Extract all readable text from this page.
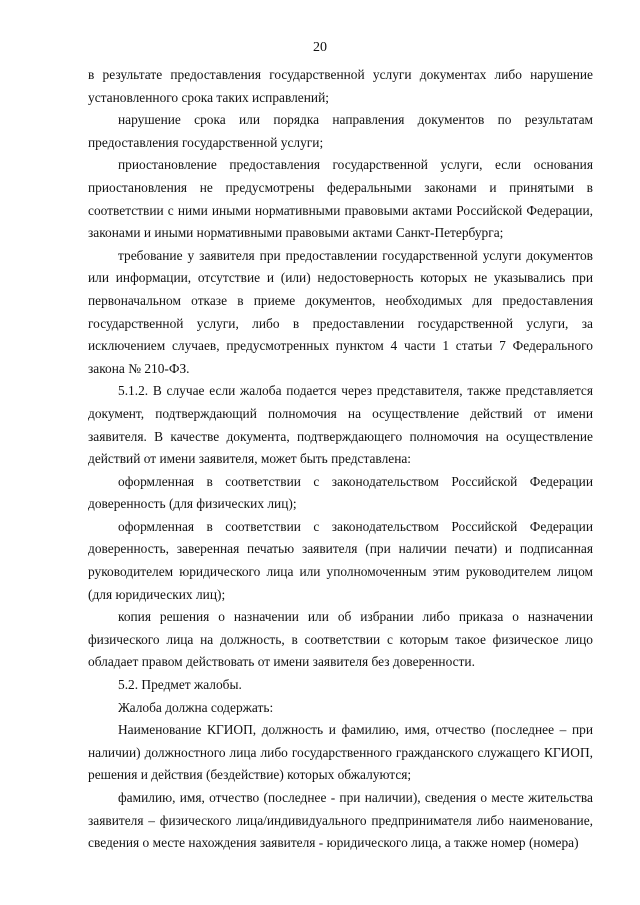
20

в результате предоставления государственной услуги документах либо нарушение установленного срока таких исправлений;

нарушение срока или порядка направления документов по результатам предоставления государственной услуги;

приостановление предоставления государственной услуги, если основания приостановления не предусмотрены федеральными законами и принятыми в соответствии с ними иными нормативными правовыми актами Российской Федерации, законами и иными нормативными правовыми актами Санкт-Петербурга;

требование у заявителя при предоставлении государственной услуги документов или информации, отсутствие и (или) недостоверность которых не указывались при первоначальном отказе в приеме документов, необходимых для предоставления государственной услуги, либо в предоставлении государственной услуги, за исключением случаев, предусмотренных пунктом 4 части 1 статьи 7 Федерального закона № 210-ФЗ.

5.1.2. В случае если жалоба подается через представителя, также представляется документ, подтверждающий полномочия на осуществление действий от имени заявителя. В качестве документа, подтверждающего полномочия на осуществление действий от имени заявителя, может быть представлена:

оформленная в соответствии с законодательством Российской Федерации доверенность (для физических лиц);

оформленная в соответствии с законодательством Российской Федерации доверенность, заверенная печатью заявителя (при наличии печати) и подписанная руководителем юридического лица или уполномоченным этим руководителем лицом (для юридических лиц);

копия решения о назначении или об избрании либо приказа о назначении физического лица на должность, в соответствии с которым такое физическое лицо обладает правом действовать от имени заявителя без доверенности.

5.2. Предмет жалобы.

Жалоба должна содержать:

Наименование КГИОП, должность и фамилию, имя, отчество (последнее – при наличии) должностного лица либо государственного гражданского служащего КГИОП, решения и действия (бездействие) которых обжалуются;

фамилию, имя, отчество (последнее - при наличии), сведения о месте жительства заявителя – физического лица/индивидуального предпринимателя либо наименование, сведения о месте нахождения заявителя - юридического лица, а также номер (номера)
